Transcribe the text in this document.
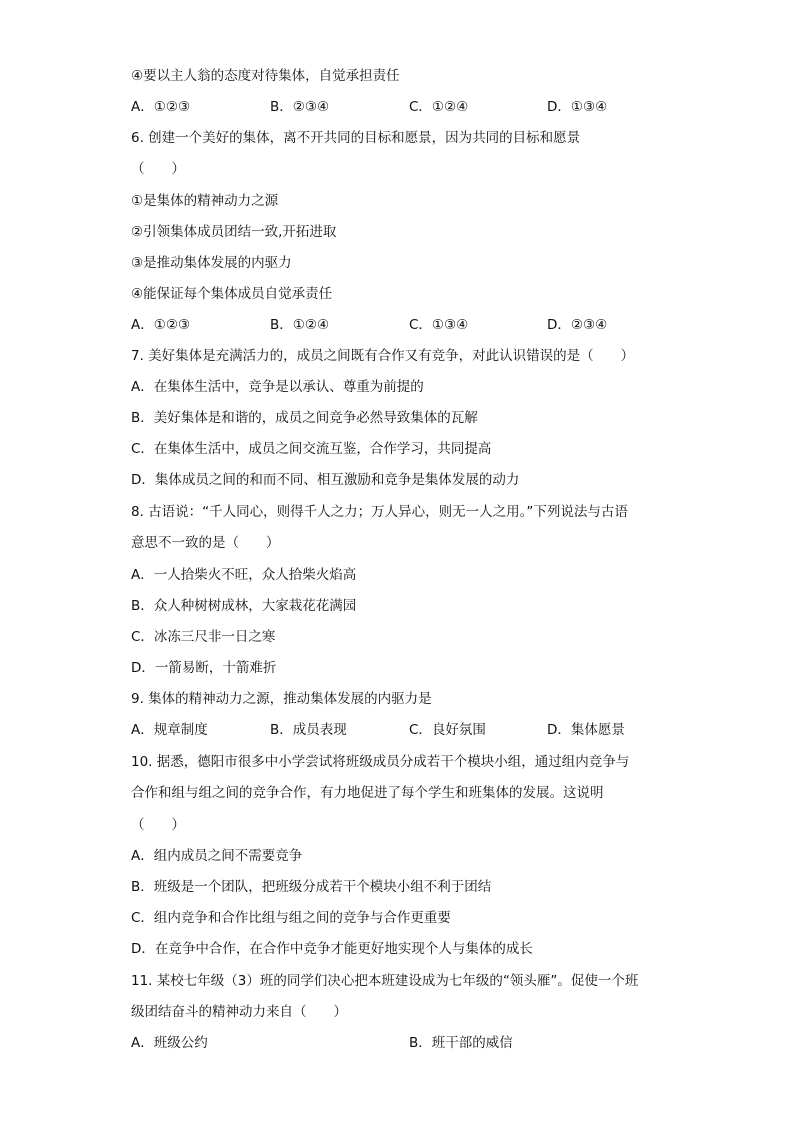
④要以主人翁的态度对待集体，自觉承担责任
A．①②③	B．②③④	C．①②④	D．①③④
6. 创建一个美好的集体，离不开共同的目标和愿景，因为共同的目标和愿景
（　　）
①是集体的精神动力之源
②引领集体成员团结一致,开拓进取
③是推动集体发展的内驱力
④能保证每个集体成员自觉承责任
A．①②③	B．①②④	C．①③④	D．②③④
7. 美好集体是充满活力的，成员之间既有合作又有竞争，对此认识错误的是（　　）
A．在集体生活中，竞争是以承认、尊重为前提的
B．美好集体是和谐的，成员之间竞争必然导致集体的瓦解
C．在集体生活中，成员之间交流互鉴，合作学习，共同提高
D．集体成员之间的和而不同、相互激励和竞争是集体发展的动力
8. 古语说：“千人同心，则得千人之力；万人异心，则无一人之用。”下列说法与古语
意思不一致的是（　　）
A．一人拾柴火不旺，众人拾柴火焰高
B．众人种树树成林，大家栽花花满园
C．冰冻三尺非一日之寒
D．一箭易断，十箭难折
9. 集体的精神动力之源，推动集体发展的内驱力是
A．规章制度	B．成员表现	C．良好氛围	D．集体愿景
10. 据悉，德阳市很多中小学尝试将班级成员分成若干个模块小组，通过组内竞争与
合作和组与组之间的竞争合作，有力地促进了每个学生和班集体的发展。这说明
（　　）
A．组内成员之间不需要竞争
B．班级是一个团队，把班级分成若干个模块小组不利于团结
C．组内竞争和合作比组与组之间的竞争与合作更重要
D．在竞争中合作，在合作中竞争才能更好地实现个人与集体的成长
11. 某校七年级（3）班的同学们决心把本班建设成为七年级的“领头雁”。促使一个班
级团结奋斗的精神动力来自（　　）
A．班级公约	B．班干部的威信
